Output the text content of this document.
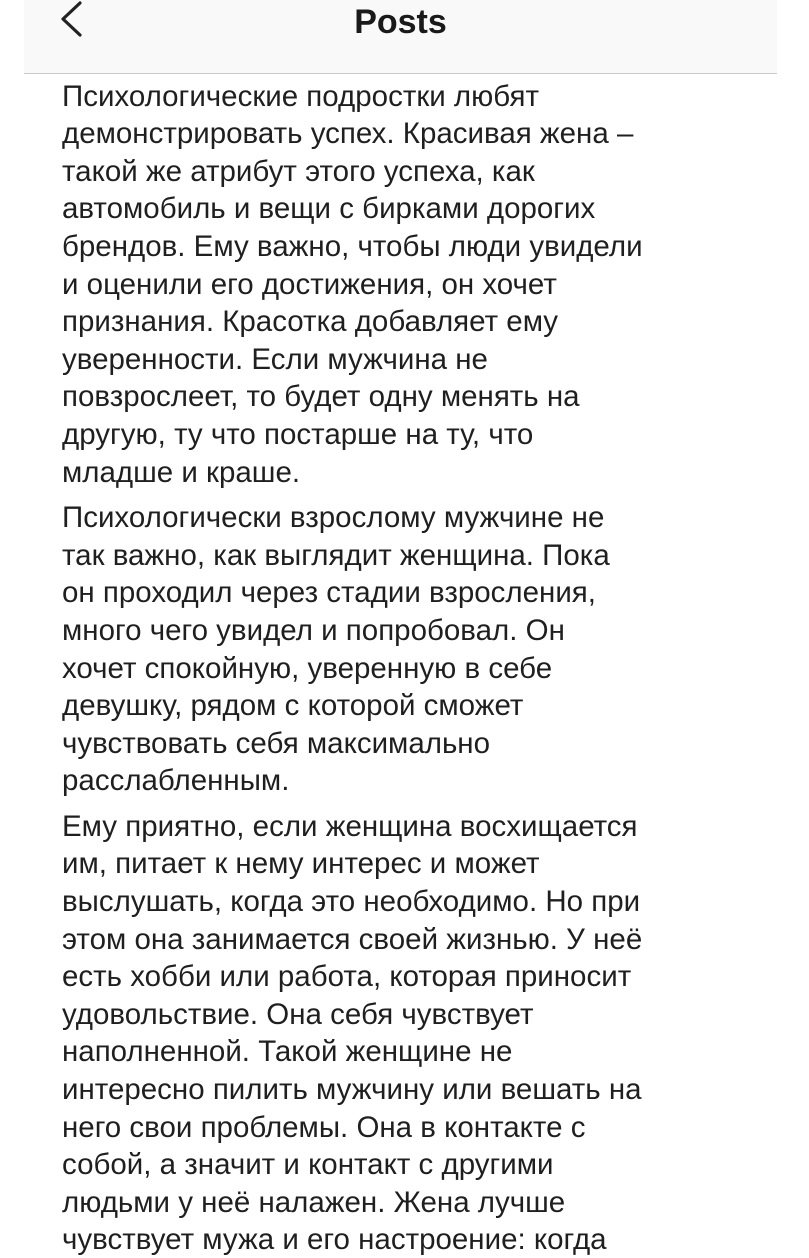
Posts
Психологические подростки любят
демонстрировать успех. Красивая жена –
такой же атрибут этого успеха, как
автомобиль и вещи с бирками дорогих
брендов. Ему важно, чтобы люди увидели
и оценили его достижения, он хочет
признания. Красотка добавляет ему
уверенности. Если мужчина не
повзрослеет, то будет одну менять на
другую, ту что постарше на ту, что
младше и краше.
Психологически взрослому мужчине не
так важно, как выглядит женщина. Пока
он проходил через стадии взросления,
много чего увидел и попробовал. Он
хочет спокойную, уверенную в себе
девушку, рядом с которой сможет
чувствовать себя максимально
расслабленным.
Ему приятно, если женщина восхищается
им, питает к нему интерес и может
выслушать, когда это необходимо. Но при
этом она занимается своей жизнью. У неё
есть хобби или работа, которая приносит
удовольствие. Она себя чувствует
наполненной. Такой женщине не
интересно пилить мужчину или вешать на
него свои проблемы. Она в контакте с
собой, а значит и контакт с другими
людьми у неё налажен. Жена лучше
чувствует мужа и его настроение: когда
